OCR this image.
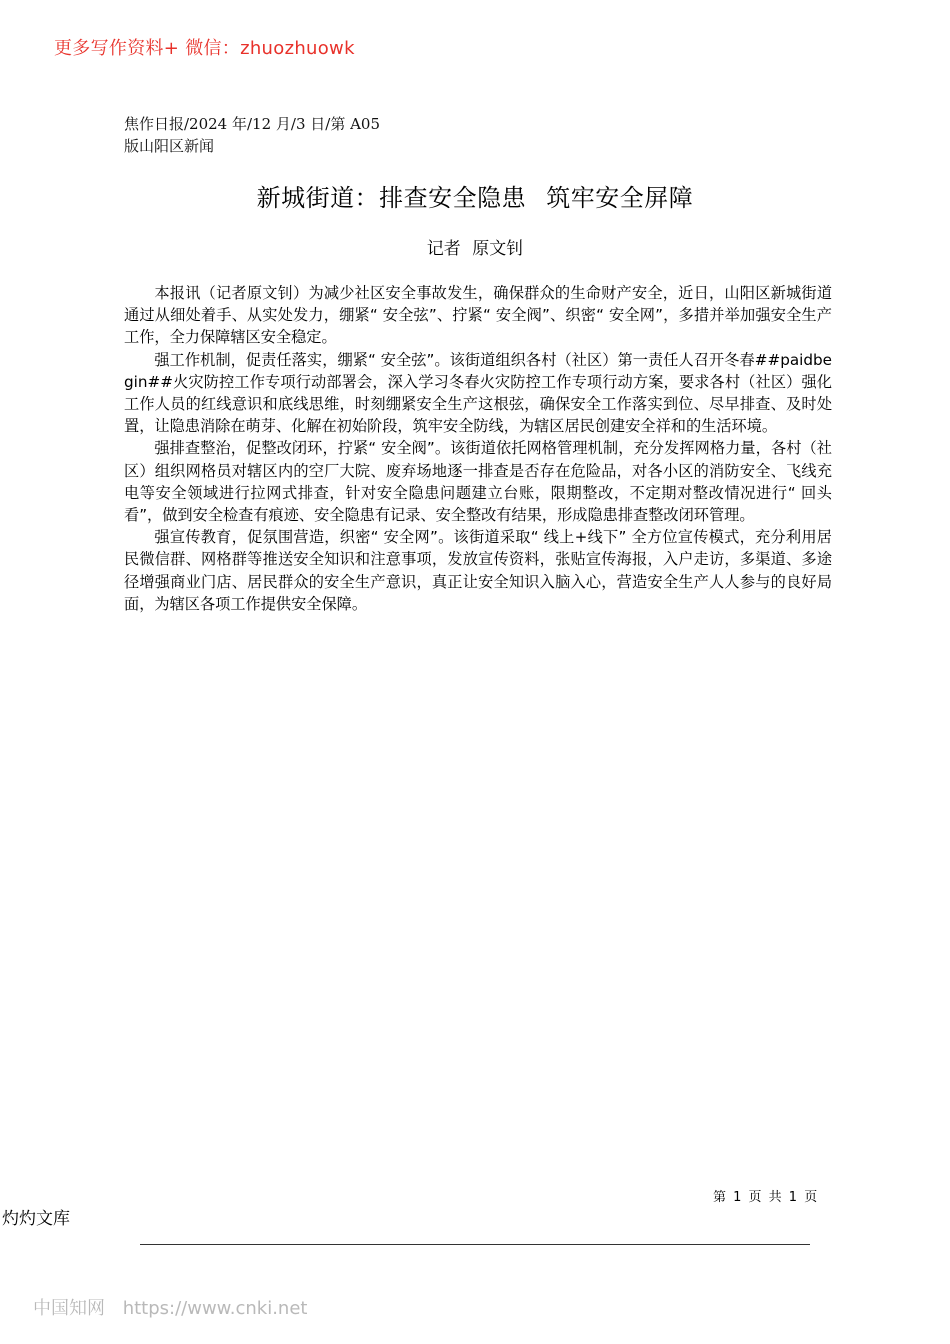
更多写作资料+ 微信：zhuozhuowk
焦作日报/2024 年/12 月/3 日/第 A05
版山阳区新闻
新城街道：排查安全隐患 筑牢安全屏障
记者 原文钊

本报讯（记者原文钊）为减少社区安全事故发生，确保群众的生命财产安全，近日，山阳区新城街道通过从细处着手、从实处发力，绷紧“ 安全弦”、拧紧“ 安全阀”、织密“ 安全网”，多措并举加强安全生产工作，全力保障辖区安全稳定。

强工作机制，促责任落实，绷紧“ 安全弦”。该街道组织各村（社区）第一责任人召开冬春##paidbegin##火灾防控工作专项行动部署会，深入学习冬春火灾防控工作专项行动方案，要求各村（社区）强化工作人员的红线意识和底线思维，时刻绷紧安全生产这根弦，确保安全工作落实到位、尽早排查、及时处置，让隐患消除在萌芽、化解在初始阶段，筑牢安全防线，为辖区居民创建安全祥和的生活环境。

强排查整治，促整改闭环，拧紧“ 安全阀”。该街道依托网格管理机制，充分发挥网格力量，各村（社区）组织网格员对辖区内的空厂大院、废弃场地逐一排查是否存在危险品，对各小区的消防安全、飞线充电等安全领域进行拉网式排查，针对安全隐患问题建立台账，限期整改，不定期对整改情况进行“ 回头看”，做到安全检查有痕迹、安全隐患有记录、安全整改有结果，形成隐患排查整改闭环管理。

强宣传教育，促氛围营造，织密“ 安全网”。该街道采取“ 线上+线下” 全方位宣传模式，充分利用居民微信群、网格群等推送安全知识和注意事项，发放宣传资料，张贴宣传海报，入户走访，多渠道、多途径增强商业门店、居民群众的安全生产意识，真正让安全知识入脑入心，营造安全生产人人参与的良好局面，为辖区各项工作提供安全保障。

第 1 页 共 1 页
灼灼文库
中国知网 https://www.cnki.net
